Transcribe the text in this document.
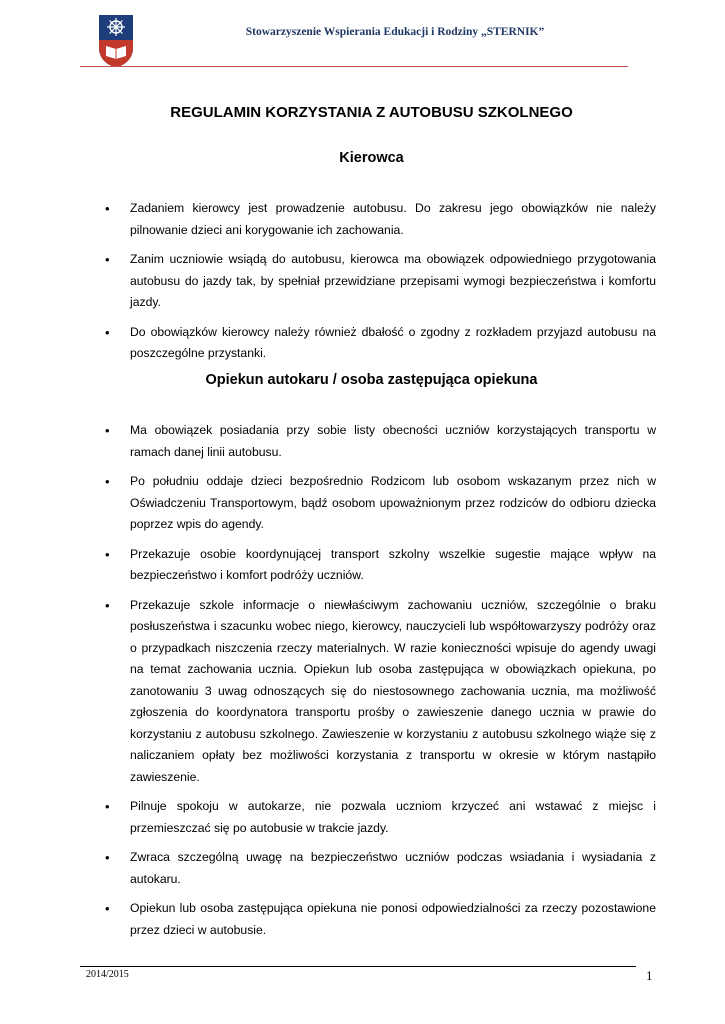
Stowarzyszenie Wspierania Edukacji i Rodziny „STERNIK”
REGULAMIN KORZYSTANIA Z AUTOBUSU SZKOLNEGO
Kierowca
• Zadaniem kierowcy jest prowadzenie autobusu. Do zakresu jego obowiązków nie należy pilnowanie dzieci ani korygowanie ich zachowania.
• Zanim uczniowie wsiądą do autobusu, kierowca ma obowiązek odpowiedniego przygotowania autobusu do jazdy tak, by spełniał przewidziane przepisami wymogi bezpieczeństwa i komfortu jazdy.
• Do obowiązków kierowcy należy również dbałość o zgodny z rozkładem przyjazd autobusu na poszczególne przystanki.
Opiekun autokaru / osoba zastępująca opiekuna
• Ma obowiązek posiadania przy sobie listy obecności uczniów korzystających transportu w ramach danej linii autobusu.
• Po południu oddaje dzieci bezpośrednio Rodzicom lub osobom wskazanym przez nich w Oświadczeniu Transportowym, bądź osobom upoważnionym przez rodziców do odbioru dziecka poprzez wpis do agendy.
• Przekazuje osobie koordynującej transport szkolny wszelkie sugestie mające wpływ na bezpieczeństwo i komfort podróży uczniów.
• Przekazuje szkole informacje o niewłaściwym zachowaniu uczniów, szczególnie o braku posłuszeństwa i szacunku wobec niego, kierowcy, nauczycieli lub współtowarzyszy podróży oraz o przypadkach niszczenia rzeczy materialnych. W razie konieczności wpisuje do agendy uwagi na temat zachowania ucznia. Opiekun lub osoba zastępująca w obowiązkach opiekuna, po zanotowaniu 3 uwag odnoszących się do niestosownego zachowania ucznia, ma możliwość zgłoszenia do koordynatora transportu prośby o zawieszenie danego ucznia w prawie do korzystaniu z autobusu szkolnego. Zawieszenie w korzystaniu z autobusu szkolnego wiąże się z naliczaniem opłaty bez możliwości korzystania z transportu w okresie w którym nastąpiło zawieszenie.
• Pilnuje spokoju w autokarze, nie pozwala uczniom krzyczeć ani wstawać z miejsc i przemieszczać się po autobusie w trakcie jazdy.
• Zwraca szczególną uwagę na bezpieczeństwo uczniów podczas wsiadania i wysiadania z autokaru.
• Opiekun lub osoba zastępująca opiekuna nie ponosi odpowiedzialności za rzeczy pozostawione przez dzieci w autobusie.
2014/2015	1
